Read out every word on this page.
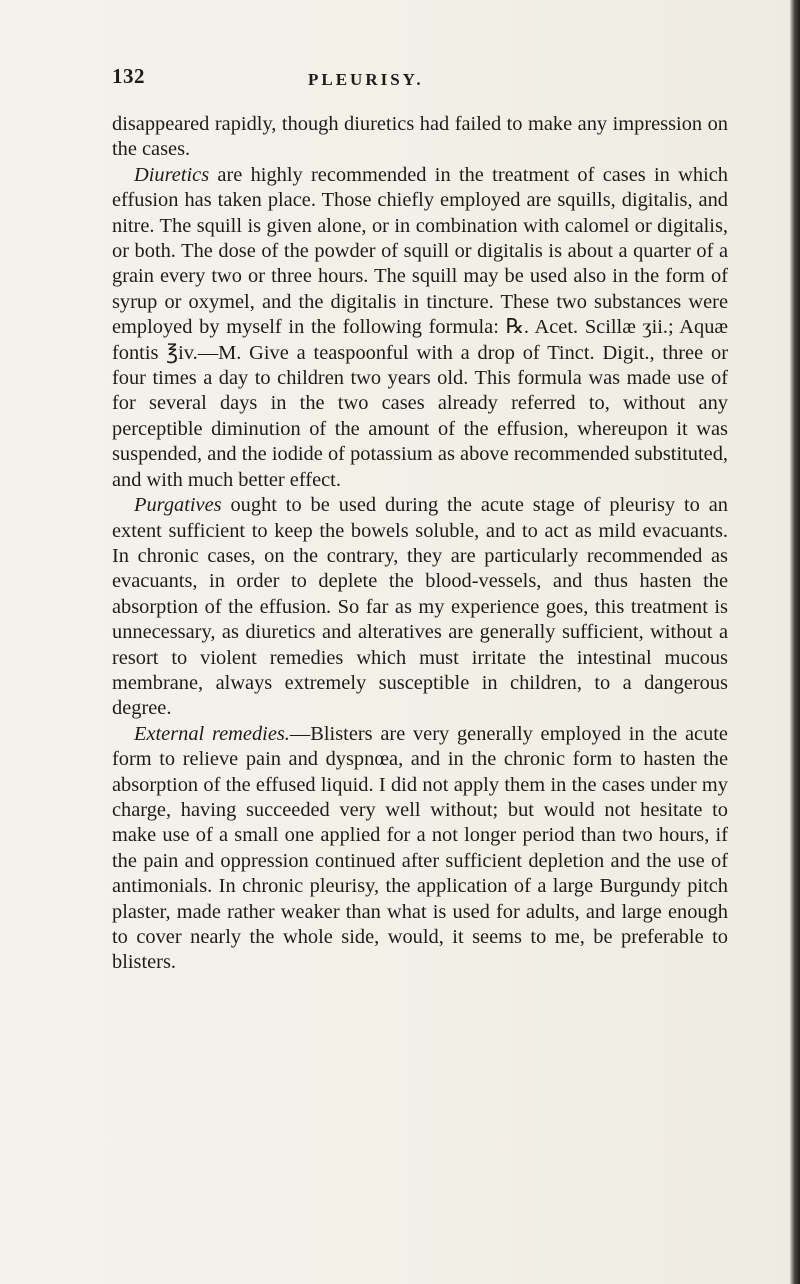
132	PLEURISY.

disappeared rapidly, though diuretics had failed to make any impression on the cases.

Diuretics are highly recommended in the treatment of cases in which effusion has taken place. Those chiefly employed are squills, digitalis, and nitre. The squill is given alone, or in combination with calomel or digitalis, or both. The dose of the powder of squill or digitalis is about a quarter of a grain every two or three hours. The squill may be used also in the form of syrup or oxymel, and the digitalis in tincture. These two substances were employed by myself in the following formula: ℞. Acet. Scillæ ʒii.; Aquæ fontis ℥iv.—M. Give a teaspoonful with a drop of Tinct. Digit., three or four times a day to children two years old. This formula was made use of for several days in the two cases already referred to, without any perceptible diminution of the amount of the effusion, whereupon it was suspended, and the iodide of potassium as above recommended substituted, and with much better effect.

Purgatives ought to be used during the acute stage of pleurisy to an extent sufficient to keep the bowels soluble, and to act as mild evacuants. In chronic cases, on the contrary, they are particularly recommended as evacuants, in order to deplete the blood-vessels, and thus hasten the absorption of the effusion. So far as my experience goes, this treatment is unnecessary, as diuretics and alteratives are generally sufficient, without a resort to violent remedies which must irritate the intestinal mucous membrane, always extremely susceptible in children, to a dangerous degree.

External remedies.—Blisters are very generally employed in the acute form to relieve pain and dyspnœa, and in the chronic form to hasten the absorption of the effused liquid. I did not apply them in the cases under my charge, having succeeded very well without; but would not hesitate to make use of a small one applied for a not longer period than two hours, if the pain and oppression continued after sufficient depletion and the use of antimonials. In chronic pleurisy, the application of a large Burgundy pitch plaster, made rather weaker than what is used for adults, and large enough to cover nearly the whole side, would, it seems to me, be preferable to blisters.
